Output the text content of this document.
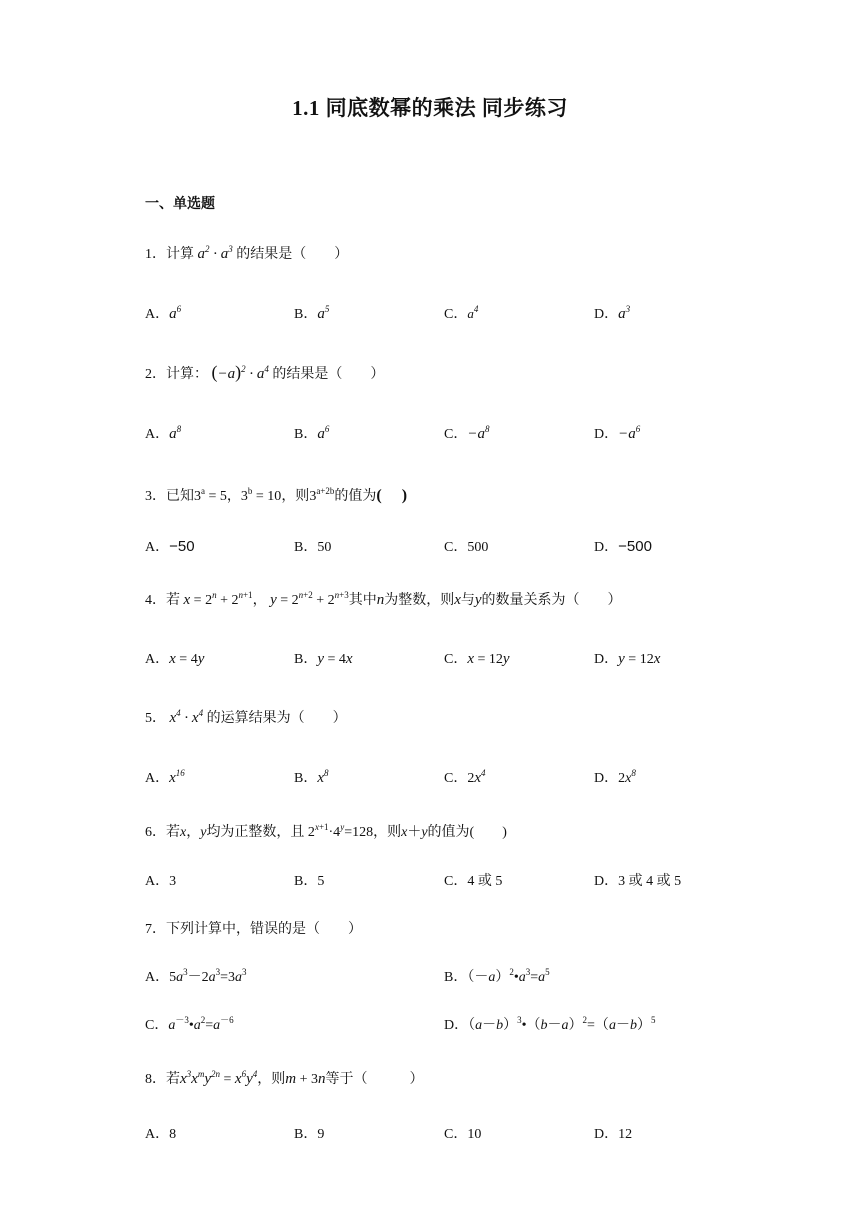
1.1 同底数幂的乘法 同步练习
一、单选题
1．计算 $a^2 \cdot a^3$ 的结果是（　　）
A．$a^6$	B．$a^5$	C．$a^4$	D．$a^3$
2．计算： $(-a)^2 \cdot a^4$ 的结果是（　　）
A．$a^8$	B．$a^6$	C．$-a^8$	D．$-a^6$
3．已知$3^a = 5$，$3^b = 10$，则$3^{a+2b}$的值为(　 )
A．−50	B．50	C．500	D．−500
4．若 $x = 2^n + 2^{n+1}$， $y = 2^{n+2} + 2^{n+3}$其中n为整数，则x与y的数量关系为（　　）
A．x = 4y	B．y = 4x	C．x = 12y	D．y = 12x
5． $x^4 \cdot x^4$ 的运算结果为（　　）
A．$x^{16}$	B．$x^8$	C．$2x^4$	D．$2x^8$
6．若x，y均为正整数，且 $2^{x+1}\cdot 4^y=128$，则x＋y的值为(　　)
A．3	B．5	C．4 或 5	D．3 或 4 或 5
7．下列计算中，错误的是（　　）
A．$5a^3-2a^3=3a^3$	B．$(-a)^2•a^3=a^5$
C．$a^{-3}•a^2=a^{-6}$	D．$(a-b)^3•(b-a)^2=(a-b)^5$
8．若$x^3x^my^{2n} = x^6y^4$，则m + 3n等于（　　　）
A．8	B．9	C．10	D．12
